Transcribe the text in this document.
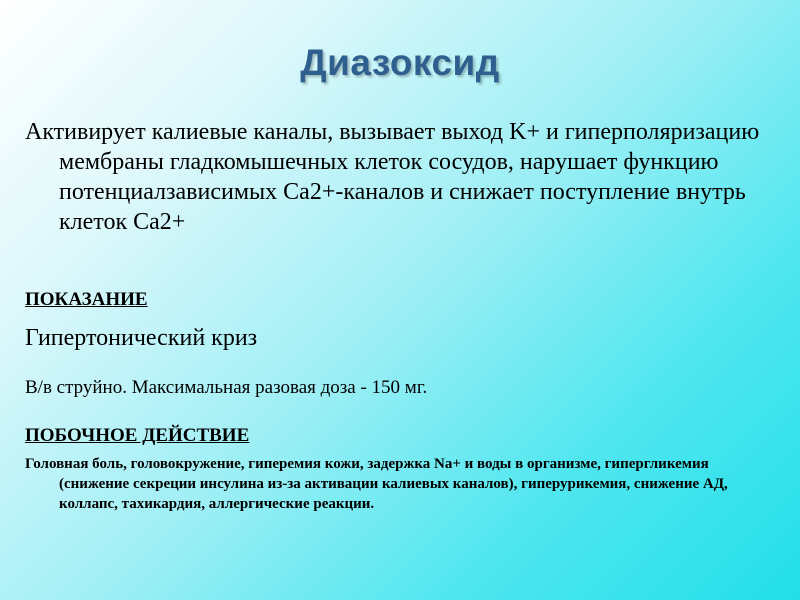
Диазоксид

Активирует калиевые каналы, вызывает выход K+ и гиперполяризацию мембраны гладкомышечных клеток сосудов, нарушает функцию потенциалзависимых Ca2+-каналов и снижает поступление внутрь клеток Ca2+

ПОКАЗАНИЕ
Гипертонический криз
В/в струйно. Максимальная разовая доза - 150 мг.
ПОБОЧНОЕ ДЕЙСТВИЕ

Головная боль, головокружение, гиперемия кожи, задержка Na+ и воды в организме, гипергликемия (снижение секреции инсулина из-за активации калиевых каналов), гиперурикемия, снижение АД, коллапс, тахикардия, аллергические реакции.
